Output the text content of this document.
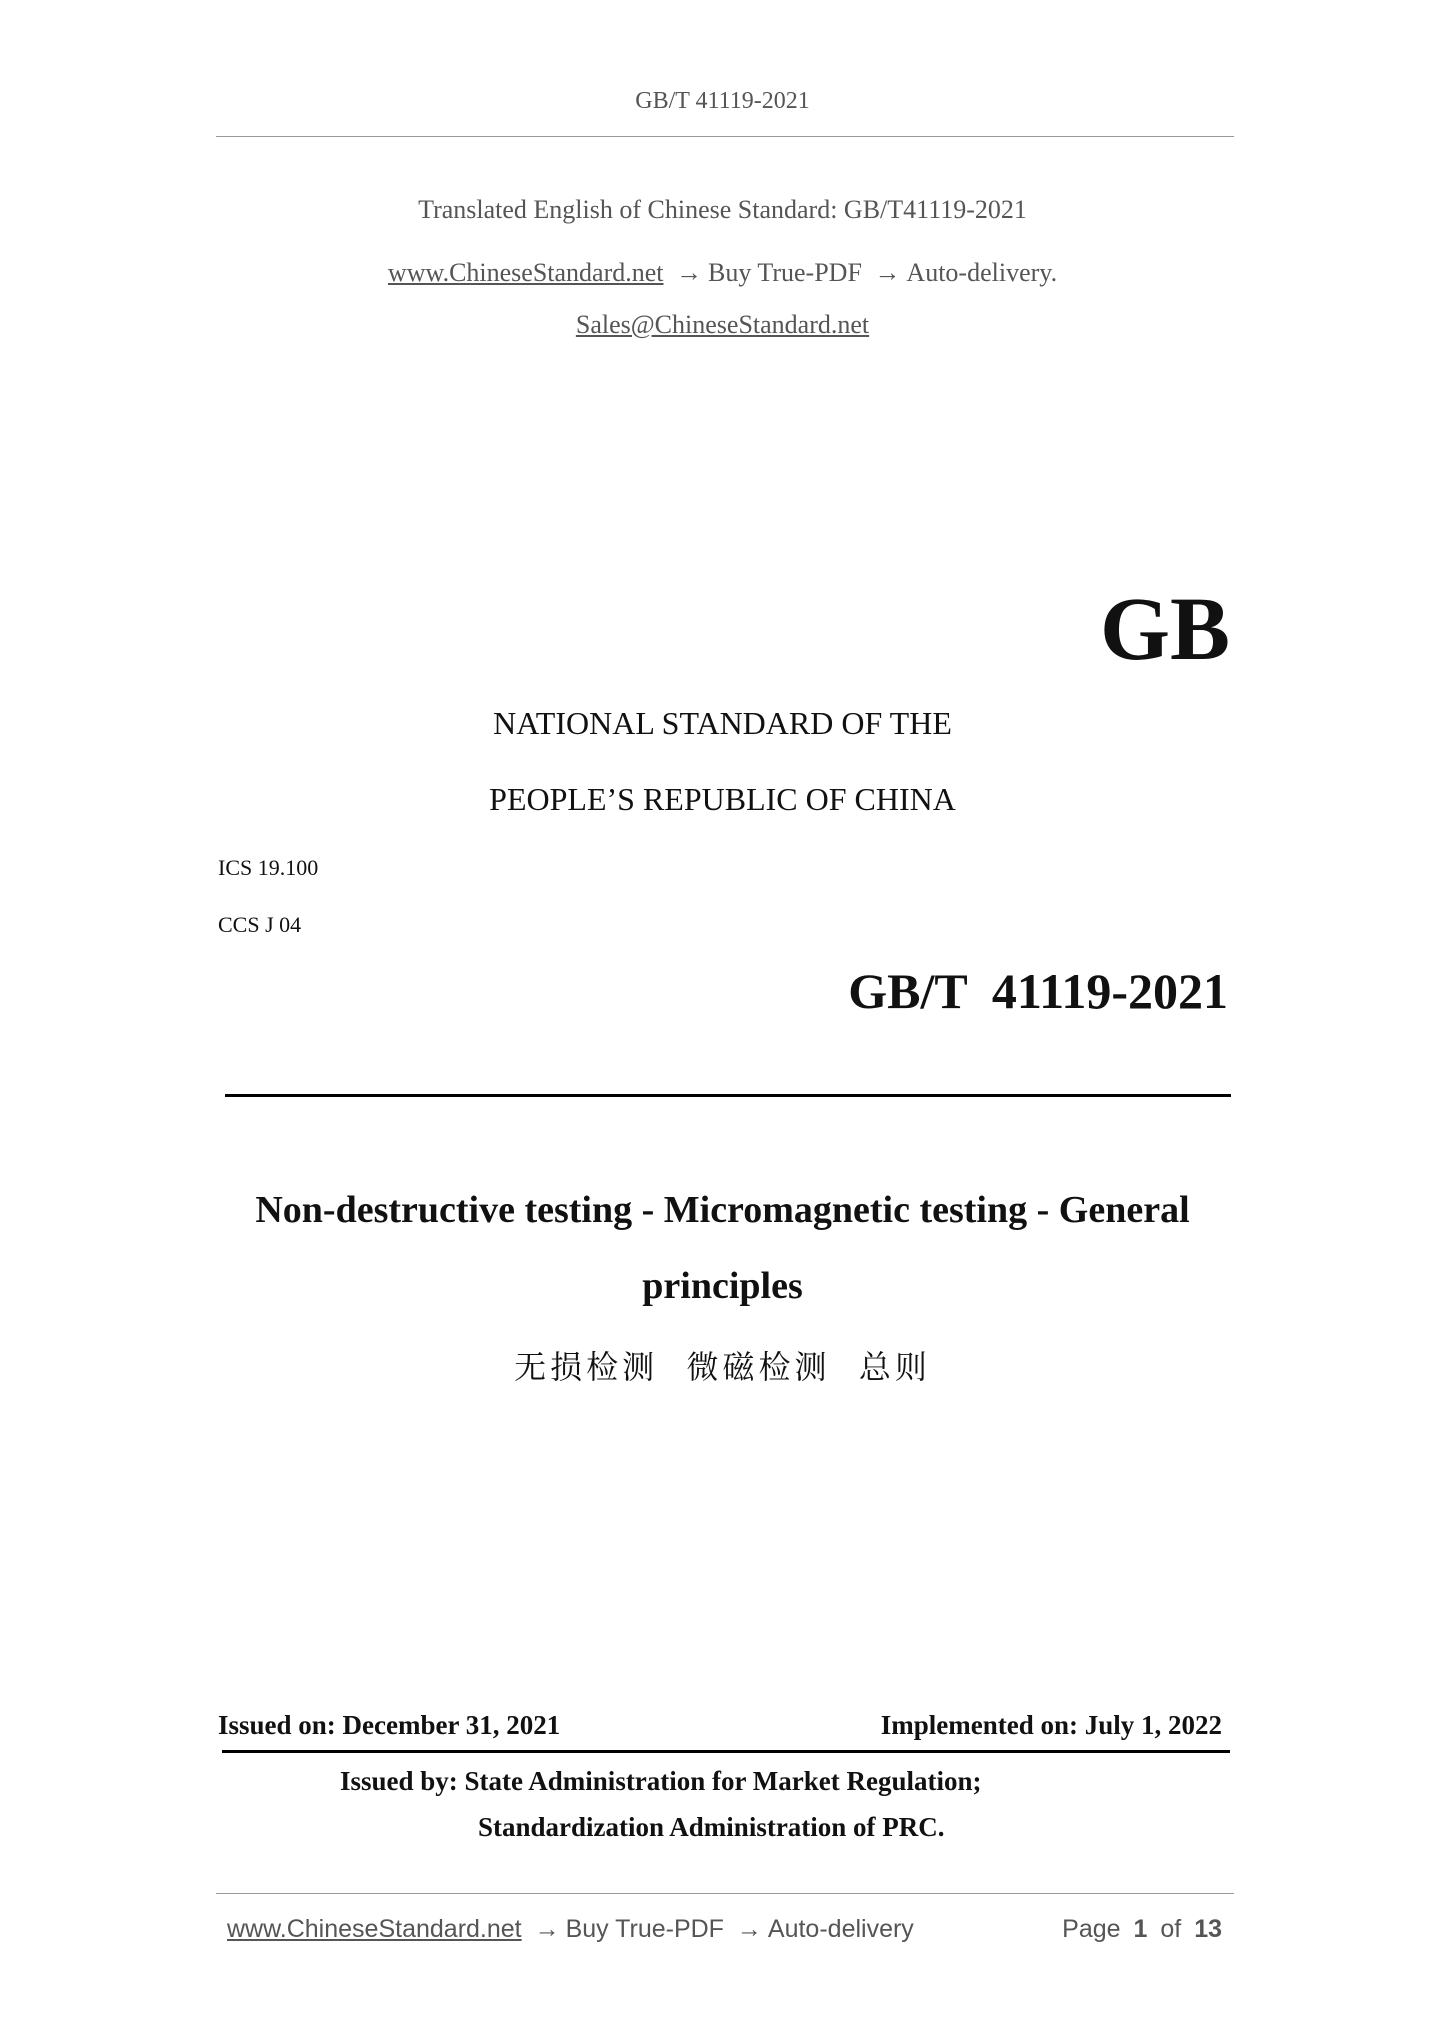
GB/T 41119-2021
Translated English of Chinese Standard: GB/T41119-2021
www.ChineseStandard.net → Buy True-PDF → Auto-delivery.
Sales@ChineseStandard.net
GB
NATIONAL STANDARD OF THE
PEOPLE’S REPUBLIC OF CHINA
ICS 19.100
CCS J 04
GB/T  41119-2021
Non-destructive testing - Micromagnetic testing - General
principles
无损检测  微磁检测  总则
Issued on: December 31, 2021	Implemented on: July 1, 2022
Issued by: State Administration for Market Regulation;
Standardization Administration of PRC.
www.ChineseStandard.net → Buy True-PDF → Auto-delivery	Page 1 of 13
